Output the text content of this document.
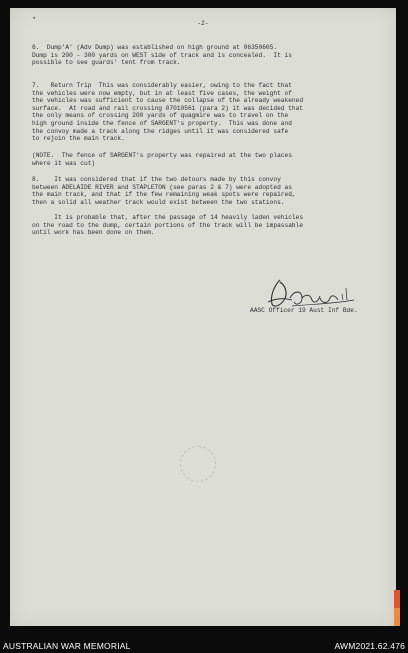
*	-2-

6.  Dump'A' (Adv Dump) was established on high ground at 06350605.
Dump is 200 - 300 yards on WEST side of track and is concealed.  It is
possible to see guards' tent from track.

7.   Return Trip  This was considerably easier, owing to the fact that
the vehicles were now empty, but in at least five cases, the weight of
the vehicles was sufficient to cause the collapse of the already weakened
surface.  At road and rail crossing 07010561 (para 2) it was decided that
the only means of crossing 200 yards of quagmire was to travel on the
high ground inside the fence of SARGENT's property.  This was done and
the convoy made a track along the ridges until it was considered safe
to rejoin the main track.

(NOTE.  The fence of SARGENT's property was repaired at the two places
where it was cut)

8.    It was considered that if the two detours made by this convoy
between ADELAIDE RIVER and STAPLETON (see paras 2 & 7) were adopted as
the main track, and that if the few remaining weak spots were repaired,
then a solid all weather track would exist between the two stations.

It is probable that, after the passage of 14 heavily laden vehicles
on the road to the dump, certain portions of the track will be impassable
until work has been done on them.

AASC Officer 19 Aust Inf Bde.
AUSTRALIAN WAR MEMORIAL	AWM2021.62.476
